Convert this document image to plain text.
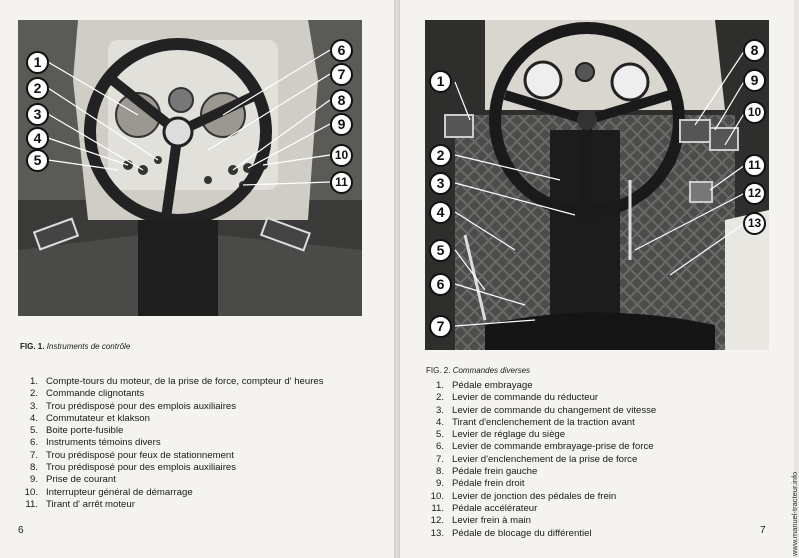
1
2
3
4
5
6
7
8
9
10
11
1
2
3
4
5
6
7
8
9
10
11
12
13
FIG. 1. Instruments de contrôle
FIG. 2. Commandes diverses
1. Compte-tours du moteur, de la prise de force, compteur d' heures
2. Commande clignotants
3. Trou prédisposé pour des emplois auxiliaires
4. Commutateur et klakson
5. Boite porte-fusible
6. Instruments témoins divers
7. Trou prédisposé pour feux de stationnement
8. Trou prédisposé pour des emplois auxiliaires
9. Prise de courant
10. Interrupteur général de démarrage
11. Tirant d' arrêt moteur
1. Pédale embrayage
2. Levier de commande du réducteur
3. Levier de commande du changement de vitesse
4. Tirant d'enclenchement de la traction avant
5. Levier de réglage du siège
6. Levier de commande embrayage-prise de force
7. Levier d'enclenchement de la prise de force
8. Pédale frein gauche
9. Pédale frein droit
10. Levier de jonction des pédales de frein
11. Pédale accélérateur
12. Levier frein à main
13. Pédale de blocage du différentiel
6	7	www.manuel-tracteur.info
